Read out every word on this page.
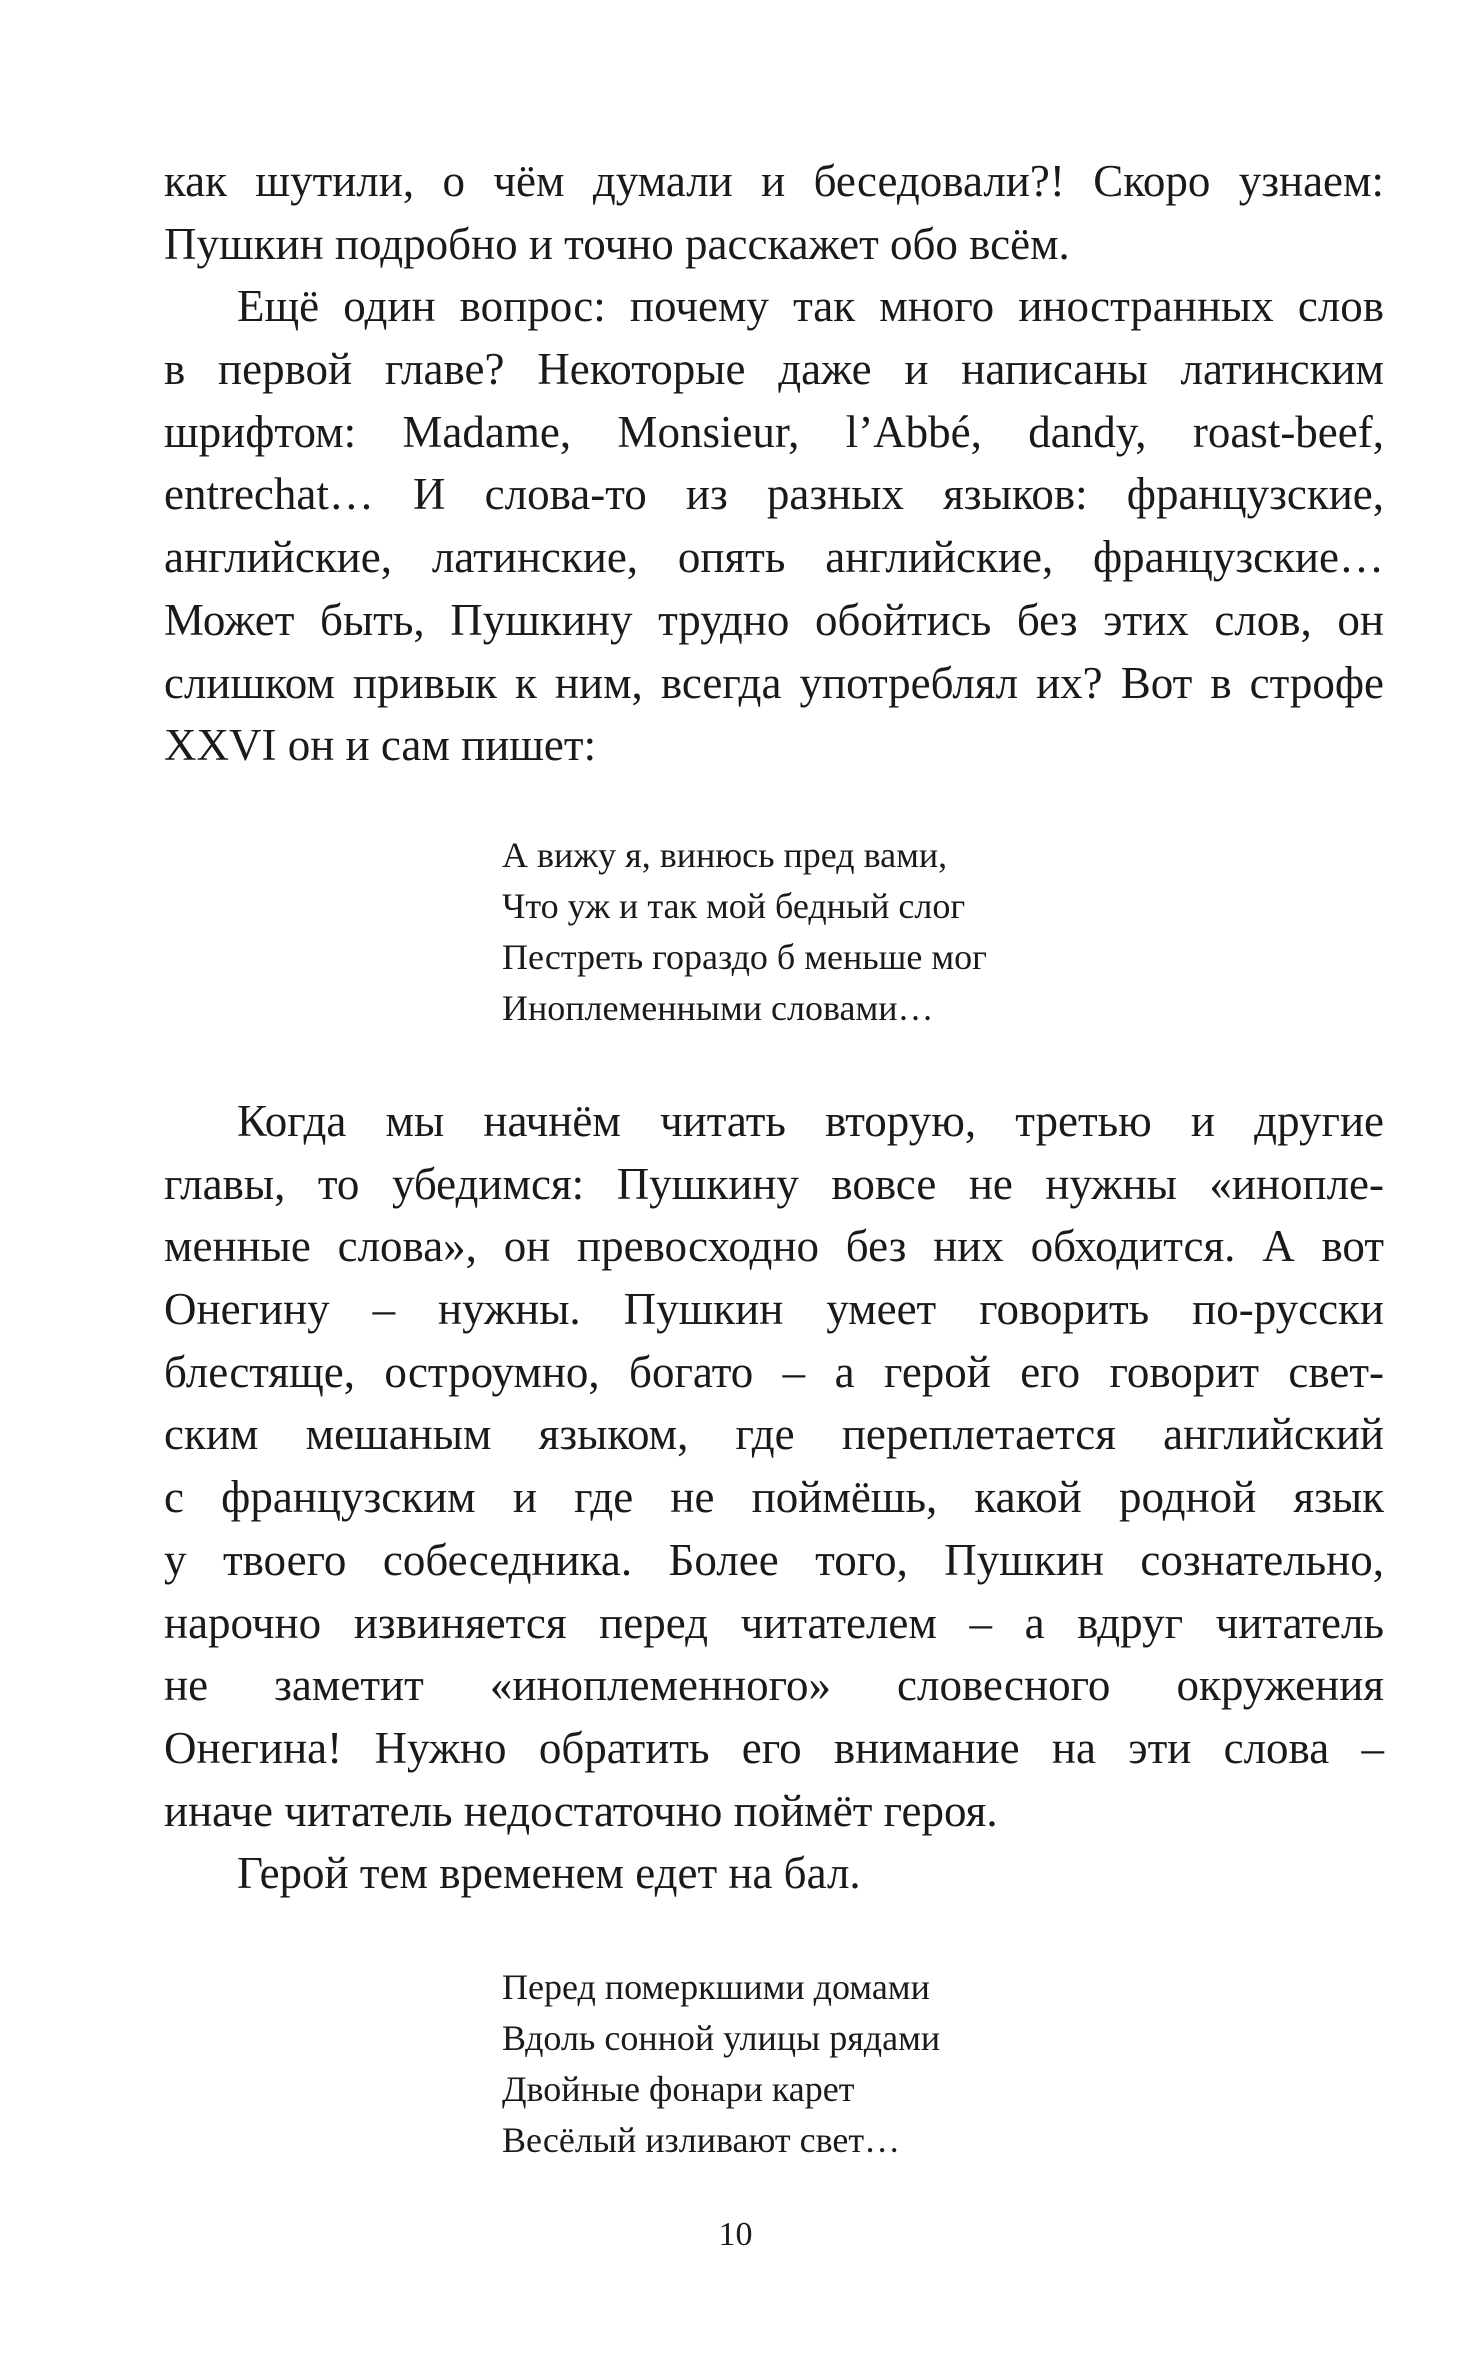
как шутили, о чём думали и беседовали?! Скоро узнаем:
Пушкин подробно и точно расскажет обо всём.
Ещё один вопрос: почему так много иностранных слов
в первой главе? Некоторые даже и написаны латинским
шрифтом: Madame, Monsieur, l’Abbé, dandy, roast-beef,
entrechat… И слова-то из разных языков: французские,
английские, латинские, опять английские, французские…
Может быть, Пушкину трудно обойтись без этих слов, он
слишком привык к ним, всегда употреблял их? Вот в строфе
XXVI он и сам пишет:
А вижу я, винюсь пред вами,
Что уж и так мой бедный слог
Пестреть гораздо б меньше мог
Иноплеменными словами…
Когда мы начнём читать вторую, третью и другие
главы, то убедимся: Пушкину вовсе не нужны «инопле-
менные слова», он превосходно без них обходится. А вот
Онегину – нужны. Пушкин умеет говорить по-русски
блестяще, остроумно, богато – а герой его говорит свет-
ским мешаным языком, где переплетается английский
с французским и где не поймёшь, какой родной язык
у твоего собеседника. Более того, Пушкин сознательно,
нарочно извиняется перед читателем – а вдруг читатель
не заметит «иноплеменного» словесного окружения
Онегина! Нужно обратить его внимание на эти слова –
иначе читатель недостаточно поймёт героя.
Герой тем временем едет на бал.
Перед померкшими домами
Вдоль сонной улицы рядами
Двойные фонари карет
Весёлый изливают свет…
10
